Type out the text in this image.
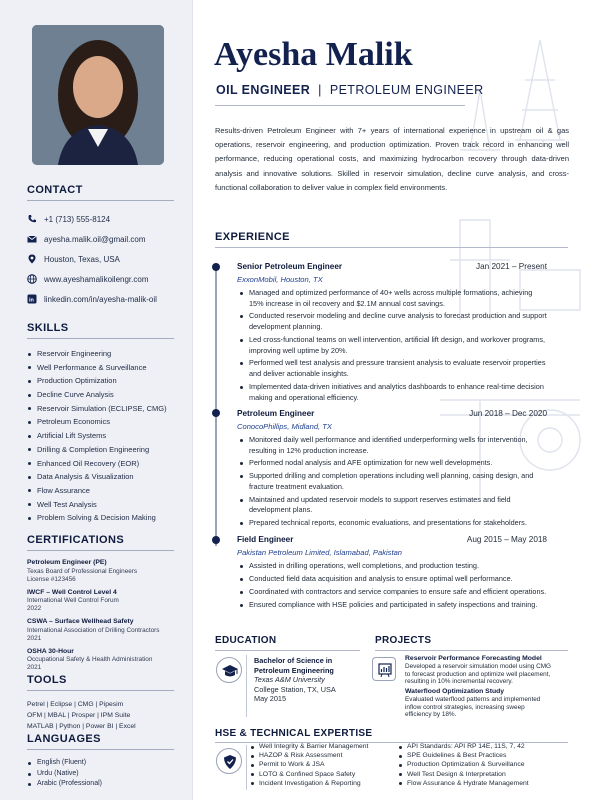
CONTACT
+1 (713) 555-8124
ayesha.malik.oil@gmail.com
Houston, Texas, USA
www.ayeshamalikoilengr.com
in linkedin.com/in/ayesha-malik-oil
SKILLS
Reservoir Engineering
Well Performance & Surveillance
Production Optimization
Decline Curve Analysis
Reservoir Simulation (ECLIPSE, CMG)
Petroleum Economics
Artificial Lift Systems
Drilling & Completion Engineering
Enhanced Oil Recovery (EOR)
Data Analysis & Visualization
Flow Assurance
Well Test Analysis
Problem Solving & Decision Making
CERTIFICATIONS
Petroleum Engineer (PE)
Texas Board of Professional Engineers
License #123456
IWCF – Well Control Level 4
International Well Control Forum
2022
CSWA – Surface Wellhead Safety
International Association of Drilling Contractors
2021
OSHA 30-Hour
Occupational Safety & Health Administration
2021
TOOLS
Petrel | Eclipse | CMG | Pipesim
OFM | MBAL | Prosper | IPM Suite
MATLAB | Python | Power BI | Excel
LANGUAGES
English (Fluent)
Urdu (Native)
Arabic (Professional)
Ayesha Malik
OIL ENGINEER | PETROLEUM ENGINEER
Results-driven Petroleum Engineer with 7+ years of international experience in upstream oil & gas operations, reservoir engineering, and production optimization. Proven track record in enhancing well performance, reducing operational costs, and maximizing hydrocarbon recovery through data-driven analysis and innovative solutions. Skilled in reservoir simulation, decline curve analysis, and cross-functional collaboration to deliver value in complex field environments.
EXPERIENCE
Senior Petroleum Engineer	Jan 2021 – Present
ExxonMobil, Houston, TX
Managed and optimized performance of 40+ wells across multiple formations, achieving 15% increase in oil recovery and $2.1M annual cost savings.
Conducted reservoir modeling and decline curve analysis to forecast production and support development planning.
Led cross-functional teams on well intervention, artificial lift design, and workover programs, improving well uptime by 20%.
Performed well test analysis and pressure transient analysis to evaluate reservoir properties and deliver actionable insights.
Implemented data-driven initiatives and analytics dashboards to enhance real-time decision making and operational efficiency.
Petroleum Engineer	Jun 2018 – Dec 2020
ConocoPhillips, Midland, TX
Monitored daily well performance and identified underperforming wells for intervention, resulting in 12% production increase.
Performed nodal analysis and AFE optimization for new well developments.
Supported drilling and completion operations including well planning, casing design, and fracture treatment evaluation.
Maintained and updated reservoir models to support reserves estimates and field development plans.
Prepared technical reports, economic evaluations, and presentations for stakeholders.
Field Engineer	Aug 2015 – May 2018
Pakistan Petroleum Limited, Islamabad, Pakistan
Assisted in drilling operations, well completions, and production testing.
Conducted field data acquisition and analysis to ensure optimal well performance.
Coordinated with contractors and service companies to ensure safe and efficient operations.
Ensured compliance with HSE policies and participated in safety inspections and training.
EDUCATION
Bachelor of Science in
Petroleum Engineering
Texas A&M University
College Station, TX, USA
May 2015
PROJECTS
Reservoir Performance Forecasting Model
Developed a reservoir simulation model using CMG
to forecast production and optimize well placement,
resulting in 10% incremental recovery.
Waterflood Optimization Study
Evaluated waterflood patterns and implemented
inflow control strategies, increasing sweep
efficiency by 18%.
HSE & TECHNICAL EXPERTISE
Well Integrity & Barrier Management
HAZOP & Risk Assessment
Permit to Work & JSA
LOTO & Confined Space Safety
Incident Investigation & Reporting
API Standards: API RP 14E, 11S, 7, 42
SPE Guidelines & Best Practices
Production Optimization & Surveillance
Well Test Design & Interpretation
Flow Assurance & Hydrate Management
